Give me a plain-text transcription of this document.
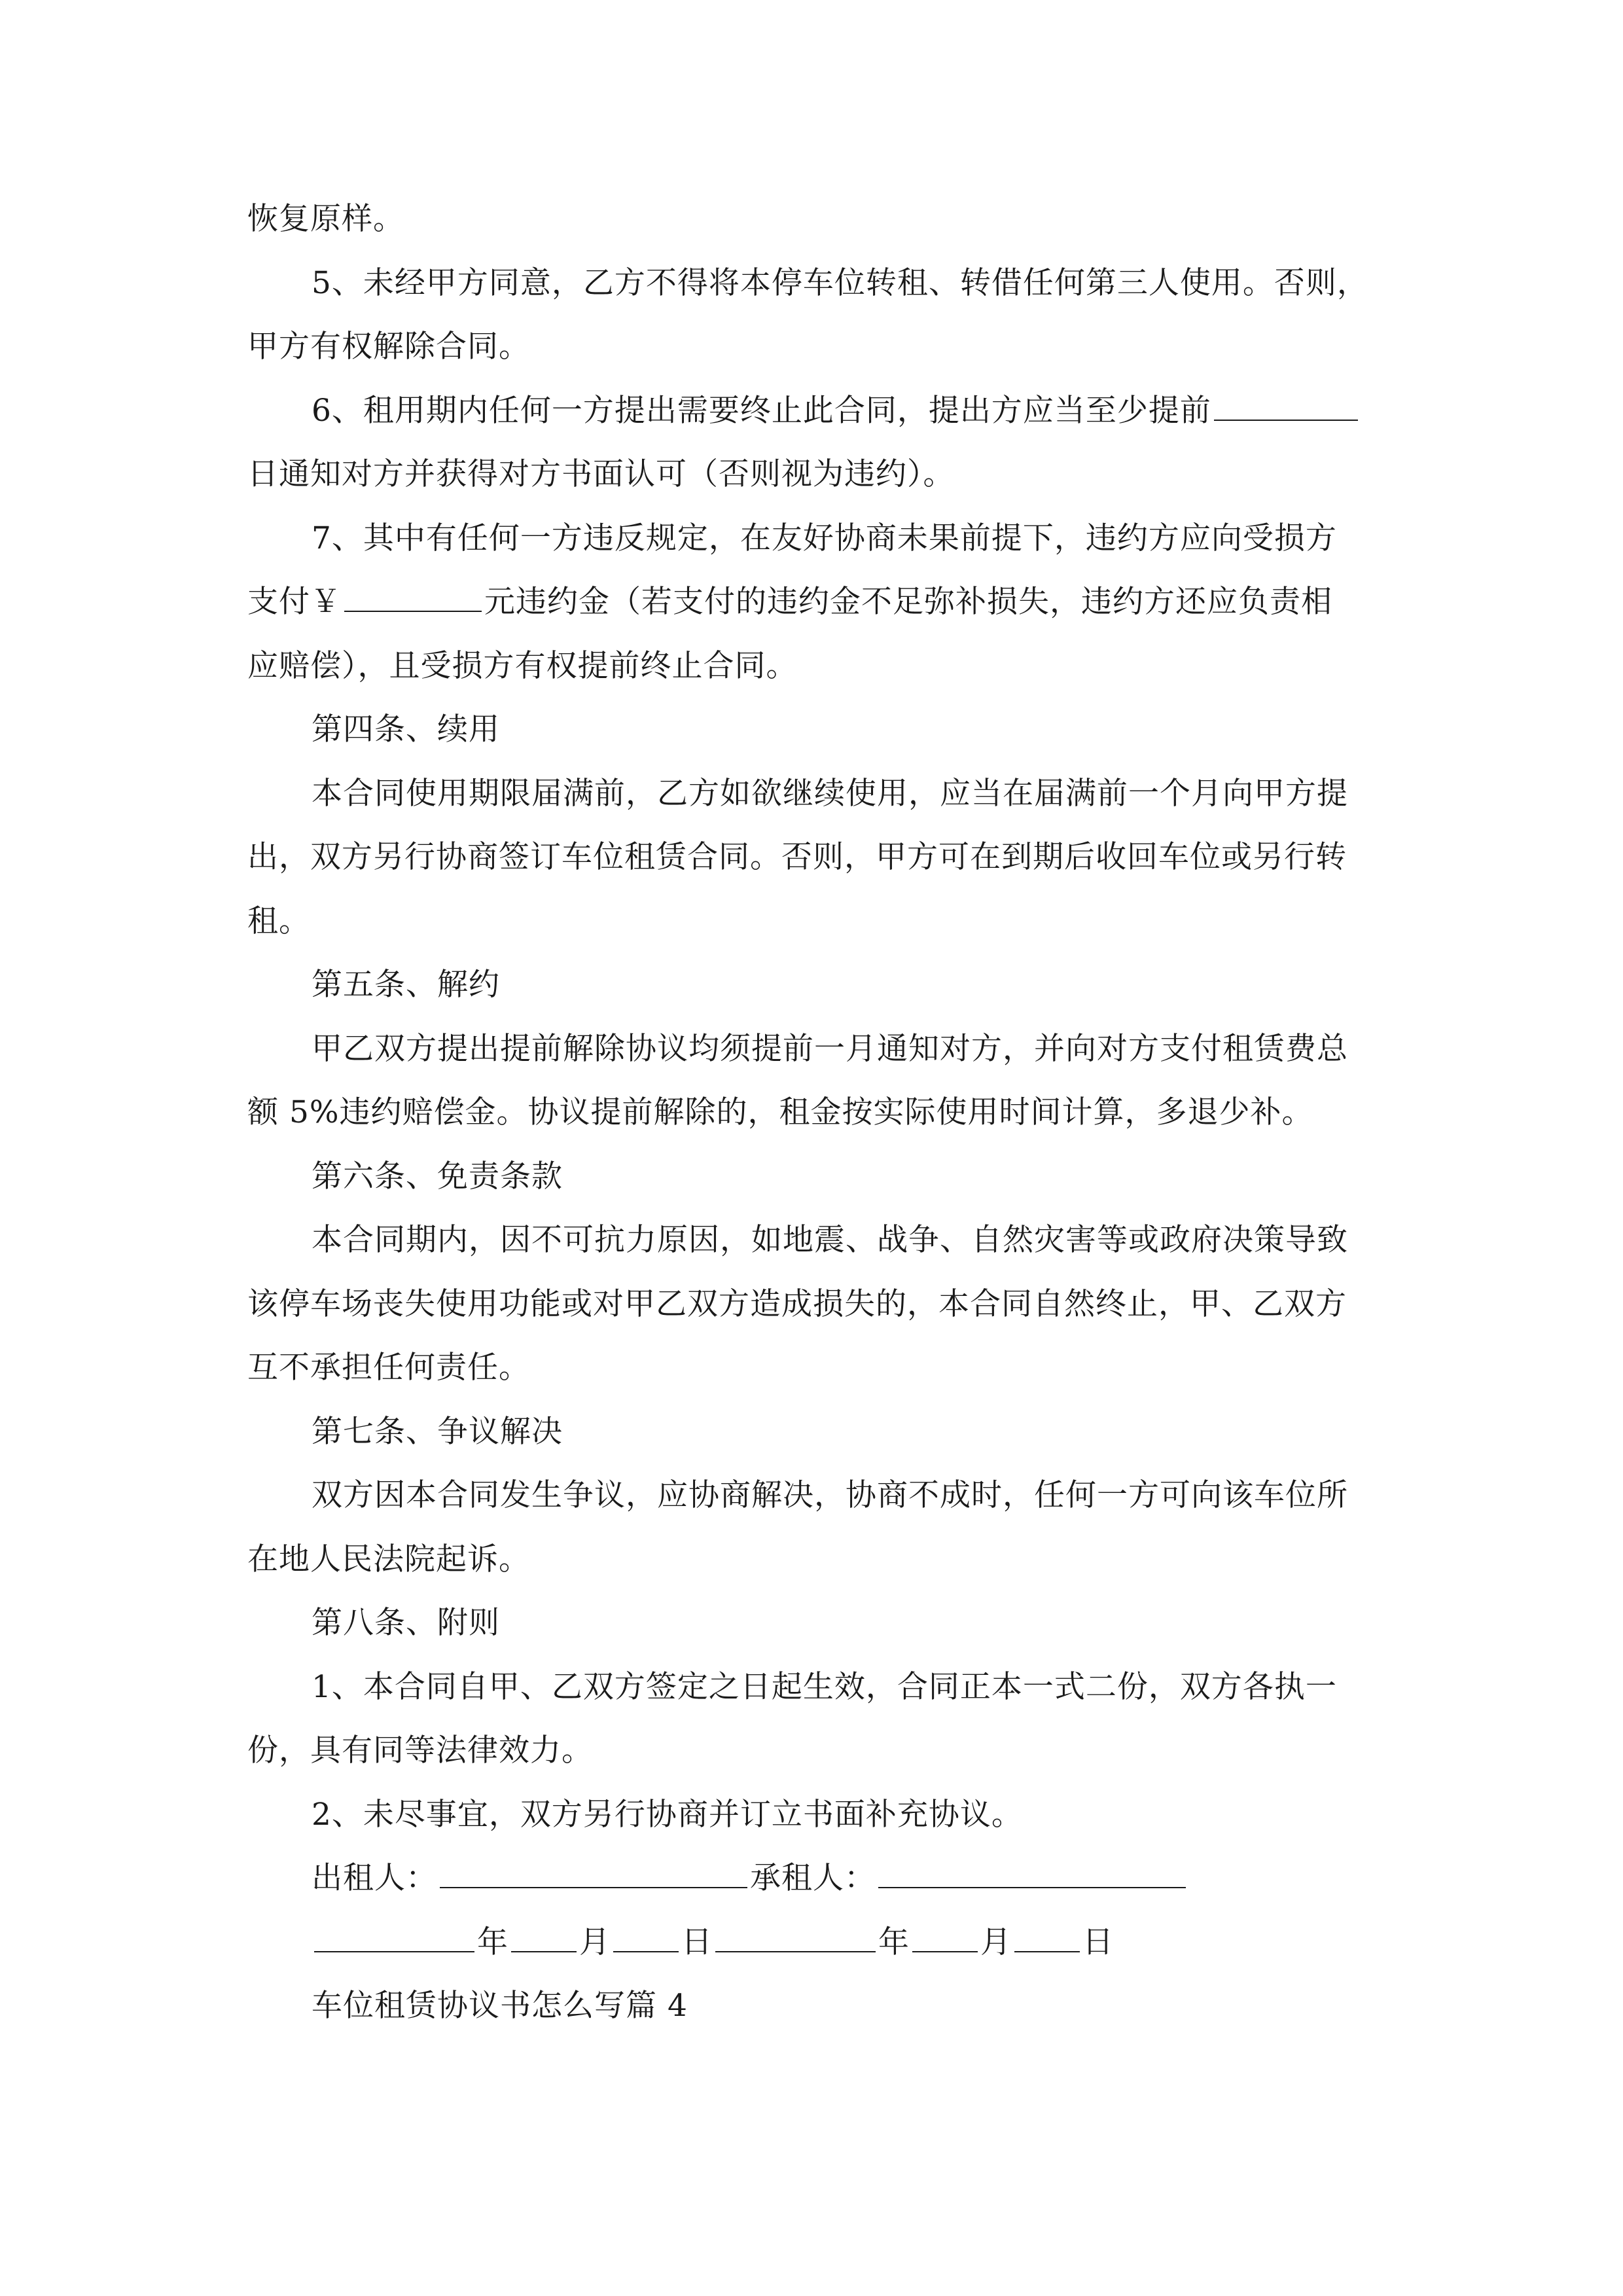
恢复原样。
5、未经甲方同意，乙方不得将本停车位转租、转借任何第三人使用。否则，
甲方有权解除合同。
6、租用期内任何一方提出需要终止此合同，提出方应当至少提前
日通知对方并获得对方书面认可（否则视为违约）。
7、其中有任何一方违反规定，在友好协商未果前提下，违约方应向受损方
支付￥	元违约金（若支付的违约金不足弥补损失，违约方还应负责相
应赔偿），且受损方有权提前终止合同。
第四条、续用
本合同使用期限届满前，乙方如欲继续使用，应当在届满前一个月向甲方提
出，双方另行协商签订车位租赁合同。否则，甲方可在到期后收回车位或另行转
租。
第五条、解约
甲乙双方提出提前解除协议均须提前一月通知对方，并向对方支付租赁费总
额 5%违约赔偿金。协议提前解除的，租金按实际使用时间计算，多退少补。
第六条、免责条款
本合同期内，因不可抗力原因，如地震、战争、自然灾害等或政府决策导致
该停车场丧失使用功能或对甲乙双方造成损失的，本合同自然终止，甲、乙双方
互不承担任何责任。
第七条、争议解决
双方因本合同发生争议，应协商解决，协商不成时，任何一方可向该车位所
在地人民法院起诉。
第八条、附则
1、本合同自甲、乙双方签定之日起生效，合同正本一式二份，双方各执一
份，具有同等法律效力。
2、未尽事宜，双方另行协商并订立书面补充协议。
出租人：	承租人：
年 月 日	年 月 日
车位租赁协议书怎么写篇 4
